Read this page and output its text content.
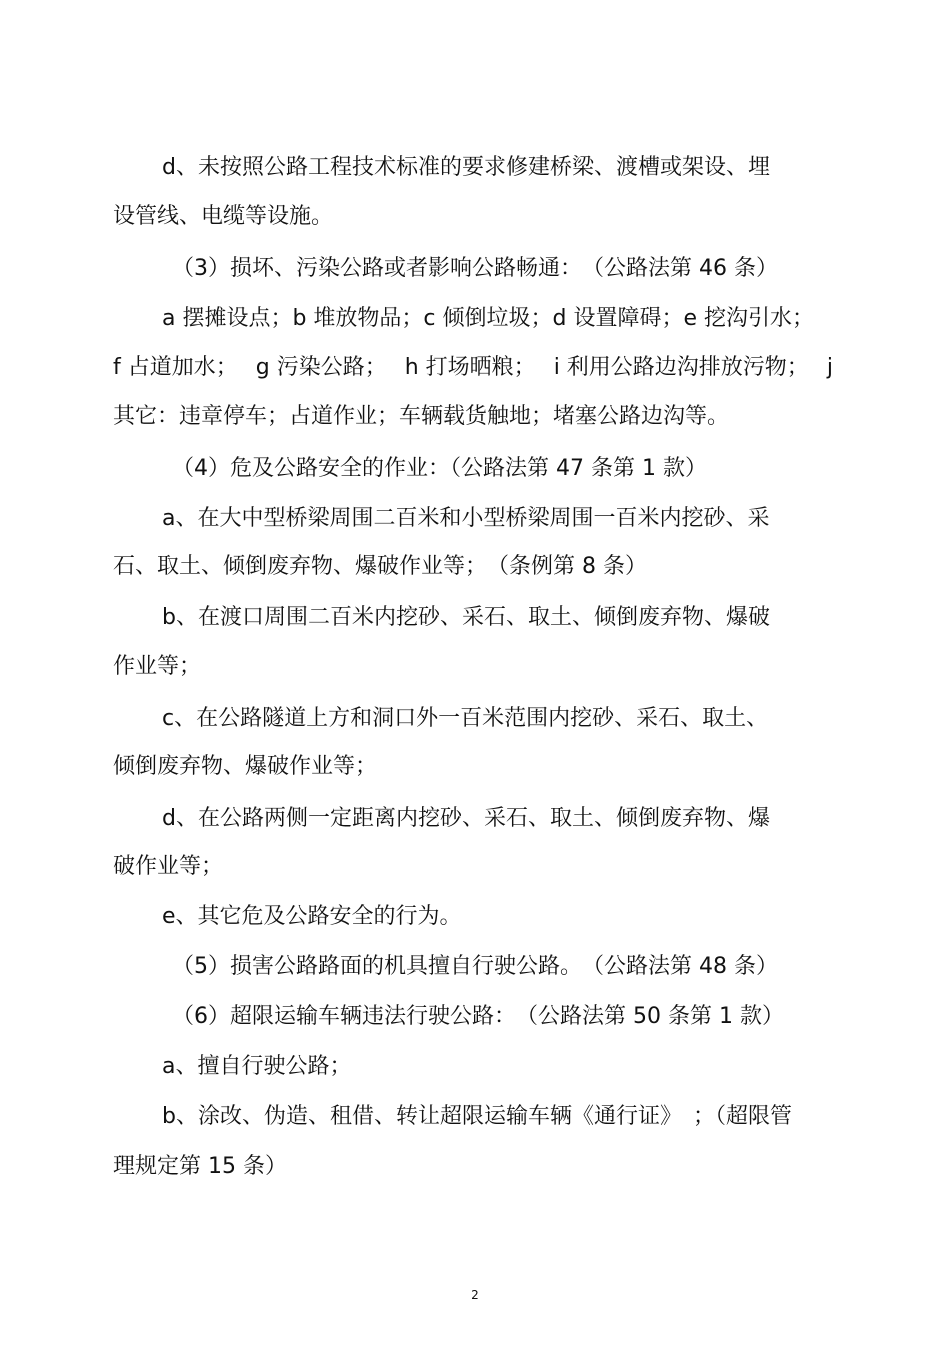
d、未按照公路工程技术标准的要求修建桥梁、渡槽或架设、埋
设管线、电缆等设施。
（3）损坏、污染公路或者影响公路畅通：　（公路法第 46 条）
a 摆摊设点；b 堆放物品；c 倾倒垃圾；d 设置障碍；e 挖沟引水；
f 占道加水； g 污染公路； h 打场晒粮； i 利用公路边沟排放污物； j
其它：违章停车；占道作业；车辆载货触地；堵塞公路边沟等。
（4）危及公路安全的作业：（公路法第 47 条第 1 款）
a、在大中型桥梁周围二百米和小型桥梁周围一百米内挖砂、采
石、取土、倾倒废弃物、爆破作业等；　（条例第 8 条）
b、在渡口周围二百米内挖砂、采石、取土、倾倒废弃物、爆破
作业等；
c、在公路隧道上方和洞口外一百米范围内挖砂、采石、取土、
倾倒废弃物、爆破作业等；
d、在公路两侧一定距离内挖砂、采石、取土、倾倒废弃物、爆
破作业等；
e、其它危及公路安全的行为。
（5）损害公路路面的机具擅自行驶公路。　（公路法第 48 条）
（6）超限运输车辆违法行驶公路：　（公路法第 50 条第 1 款）
a、擅自行驶公路；
b、涂改、伪造、租借、转让超限运输车辆《通行证》　；（超限管
理规定第 15 条）
2
